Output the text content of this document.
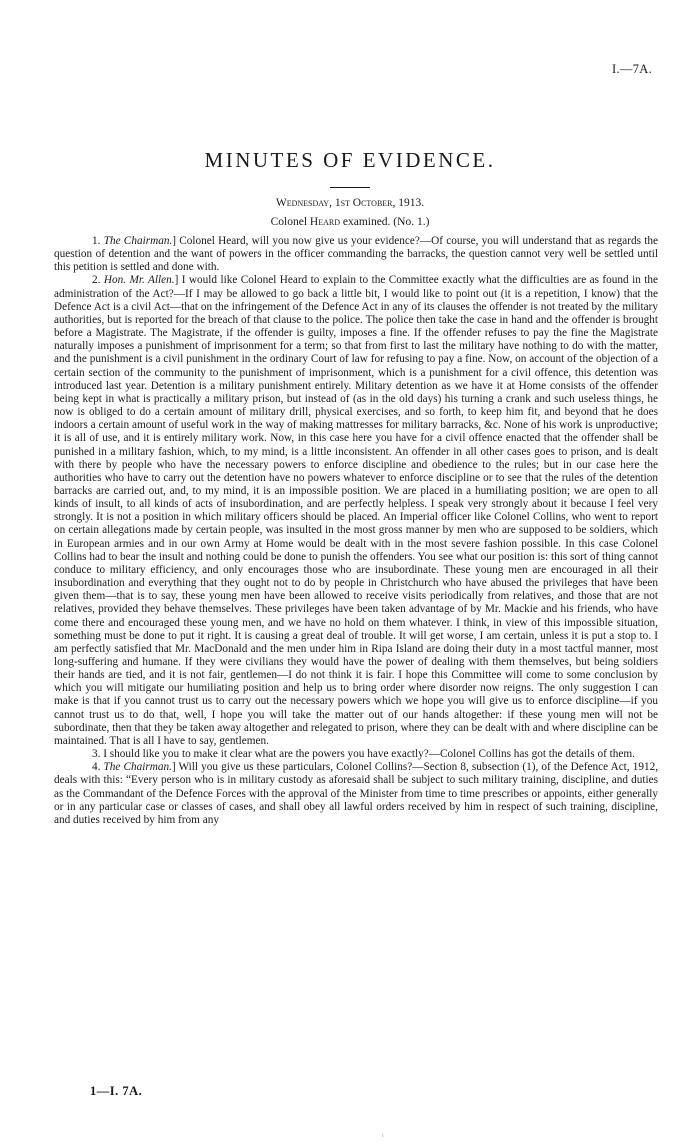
I.—7A.
MINUTES OF EVIDENCE.
Wednesday, 1st October, 1913.
Colonel Heard examined. (No. 1.)

1. The Chairman.] Colonel Heard, will you now give us your evidence?—Of course, you will understand that as regards the question of detention and the want of powers in the officer commanding the barracks, the question cannot very well be settled until this petition is settled and done with.

2. Hon. Mr. Allen.] I would like Colonel Heard to explain to the Committee exactly what the difficulties are as found in the administration of the Act?—If I may be allowed to go back a little bit, I would like to point out (it is a repetition, I know) that the Defence Act is a civil Act—that on the infringement of the Defence Act in any of its clauses the offender is not treated by the military authorities, but is reported for the breach of that clause to the police. The police then take the case in hand and the offender is brought before a Magistrate. The Magistrate, if the offender is guilty, imposes a fine. If the offender refuses to pay the fine the Magistrate naturally imposes a punishment of imprisonment for a term; so that from first to last the military have nothing to do with the matter, and the punishment is a civil punishment in the ordinary Court of law for refusing to pay a fine. Now, on account of the objection of a certain section of the community to the punishment of imprisonment, which is a punishment for a civil offence, this detention was introduced last year. Detention is a military punishment entirely. Military detention as we have it at Home consists of the offender being kept in what is practically a military prison, but instead of (as in the old days) his turning a crank and such useless things, he now is obliged to do a certain amount of military drill, physical exercises, and so forth, to keep him fit, and beyond that he does indoors a certain amount of useful work in the way of making mattresses for military barracks, &c. None of his work is unproductive; it is all of use, and it is entirely military work. Now, in this case here you have for a civil offence enacted that the offender shall be punished in a military fashion, which, to my mind, is a little inconsistent. An offender in all other cases goes to prison, and is dealt with there by people who have the necessary powers to enforce discipline and obedience to the rules; but in our case here the authorities who have to carry out the detention have no powers whatever to enforce discipline or to see that the rules of the detention barracks are carried out, and, to my mind, it is an impossible position. We are placed in a humiliating position; we are open to all kinds of insult, to all kinds of acts of insubordination, and are perfectly helpless. I speak very strongly about it because I feel very strongly. It is not a position in which military officers should be placed. An Imperial officer like Colonel Collins, who went to report on certain allegations made by certain people, was insulted in the most gross manner by men who are supposed to be soldiers, which in European armies and in our own Army at Home would be dealt with in the most severe fashion possible. In this case Colonel Collins had to bear the insult and nothing could be done to punish the offenders. You see what our position is: this sort of thing cannot conduce to military efficiency, and only encourages those who are insubordinate. These young men are encouraged in all their insubordination and everything that they ought not to do by people in Christchurch who have abused the privileges that have been given them—that is to say, these young men have been allowed to receive visits periodically from relatives, and those that are not relatives, provided they behave themselves. These privileges have been taken advantage of by Mr. Mackie and his friends, who have come there and encouraged these young men, and we have no hold on them whatever. I think, in view of this impossible situation, something must be done to put it right. It is causing a great deal of trouble. It will get worse, I am certain, unless it is put a stop to. I am perfectly satisfied that Mr. MacDonald and the men under him in Ripa Island are doing their duty in a most tactful manner, most long-suffering and humane. If they were civilians they would have the power of dealing with them themselves, but being soldiers their hands are tied, and it is not fair, gentlemen—I do not think it is fair. I hope this Committee will come to some conclusion by which you will mitigate our humiliating position and help us to bring order where disorder now reigns. The only suggestion I can make is that if you cannot trust us to carry out the necessary powers which we hope you will give us to enforce discipline—if you cannot trust us to do that, well, I hope you will take the matter out of our hands altogether: if these young men will not be subordinate, then that they be taken away altogether and relegated to prison, where they can be dealt with and where discipline can be maintained. That is all I have to say, gentlemen.

3. I should like you to make it clear what are the powers you have exactly?—Colonel Collins has got the details of them.

4. The Chairman.] Will you give us these particulars, Colonel Collins?—Section 8, subsection (1), of the Defence Act, 1912, deals with this: “Every person who is in military custody as aforesaid shall be subject to such military training, discipline, and duties as the Commandant of the Defence Forces with the approval of the Minister from time to time prescribes or appoints, either generally or in any particular case or classes of cases, and shall obey all lawful orders received by him in respect of such training, discipline, and duties received by him from any

1—I. 7A.
¹
